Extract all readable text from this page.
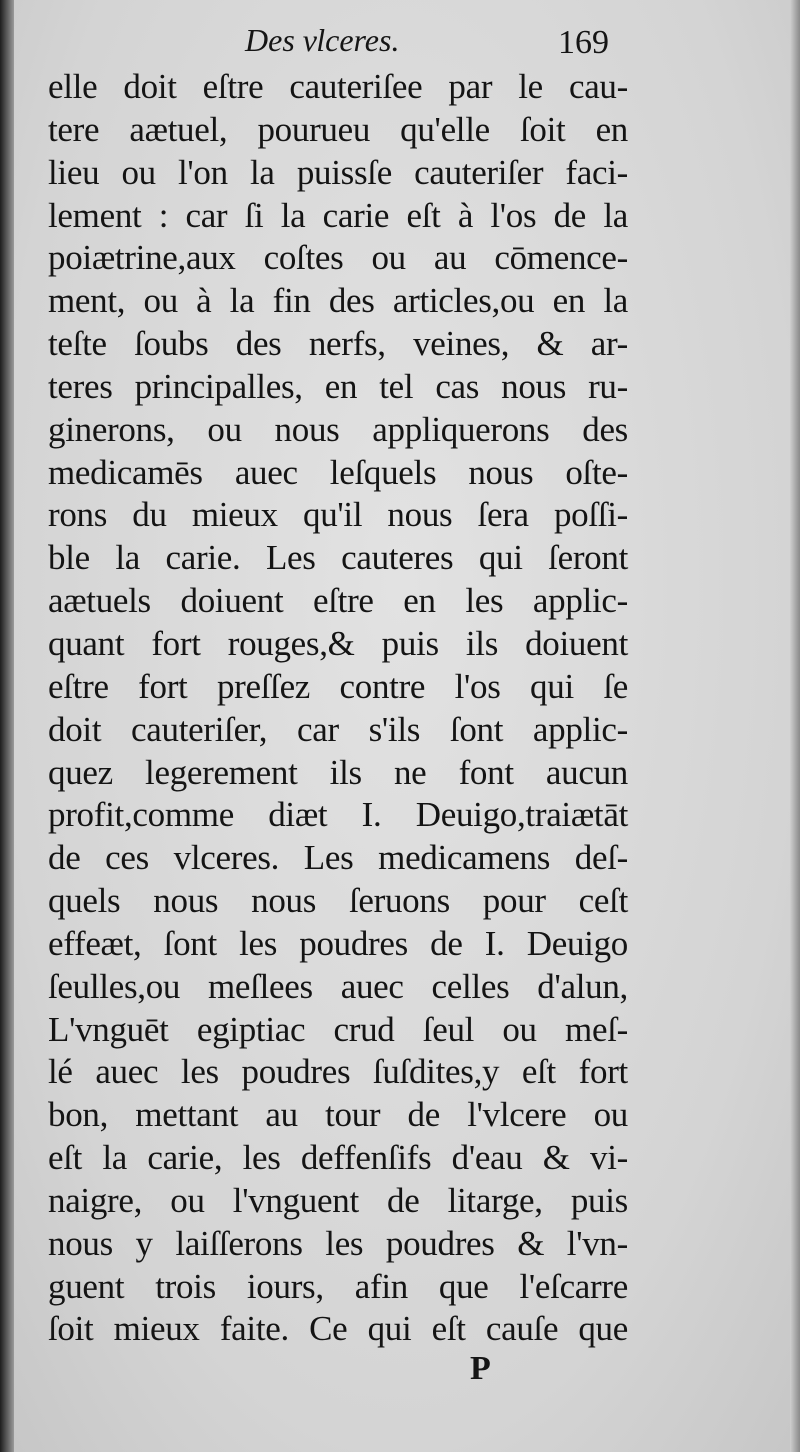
Des ᴠlceres.	169
elle doit eſtre cauteriſee par le cau-
tere aætuel, pourueu qu'elle ſoit en
lieu ou l'on la puissſe cauteriſer faci-
lement : car ſi la carie eſt à l'os de la
poiætrine,aux coſtes ou au cōmence-
ment, ou à la fin des articles,ou en la
teſte ſoubs des nerfs, veines, & ar-
teres principalles, en tel cas nous ru-
ginerons, ou nous appliquerons des
medicamēs auec leſquels nous oſte-
rons du mieux qu'il nous ſera poſſi-
ble la carie. Les cauteres qui ſeront
aætuels doiuent eſtre en les applic-
quant fort rouges,& puis ils doiuent
eſtre fort preſſez contre l'os qui ſe
doit cauteriſer, car s'ils ſont applic-
quez legerement ils ne font aucun
profit,comme diæt I. Deuigo,traiætāt
de ces vlceres. Les medicamens deſ-
quels nous nous ſeruons pour ceſt
effeæt, ſont les poudres de I. Deuigo
ſeulles,ou meſlees auec celles d'alun,
L'vnguēt egiptiac crud ſeul ou meſ-
lé auec les poudres ſuſdites,y eſt fort
bon, mettant au tour de l'vlcere ou
eſt la carie, les deffenſifs d'eau & vi-
naigre, ou l'vnguent de litarge, puis
nous y laiſſerons les poudres & l'vn-
guent trois iours, afin que l'eſcarre
ſoit mieux faite. Ce qui eſt cauſe que
P
